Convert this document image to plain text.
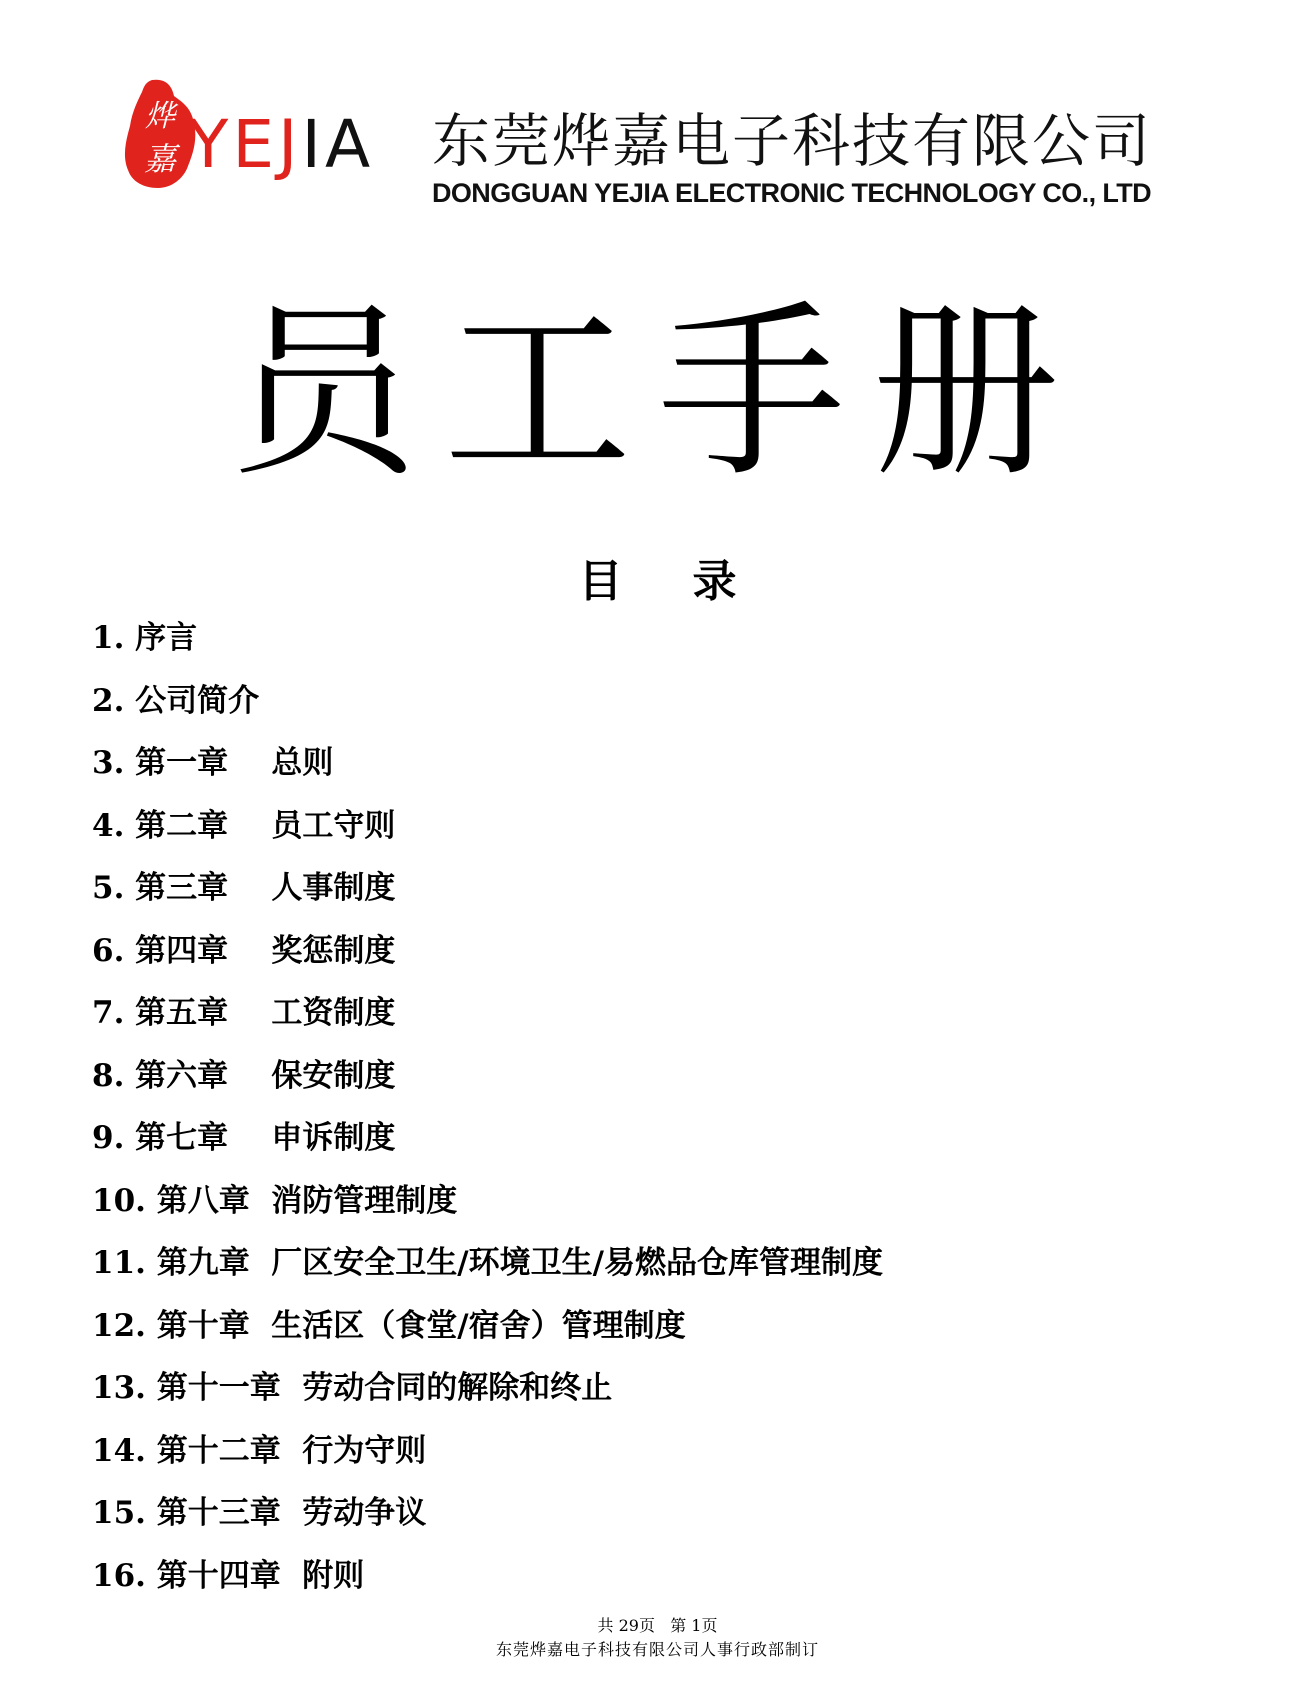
烨
嘉 YEJIA 东莞烨嘉电子科技有限公司
DONGGUAN YEJIA ELECTRONIC TECHNOLOGY CO., LTD
员工手册
目录
1. 序言
2. 公司简介
3. 第一章    总则
4. 第二章    员工守则
5. 第三章    人事制度
6. 第四章    奖惩制度
7. 第五章    工资制度
8. 第六章    保安制度
9. 第七章    申诉制度
10. 第八章  消防管理制度
11. 第九章  厂区安全卫生/环境卫生/易燃品仓库管理制度
12. 第十章  生活区（食堂/宿舍）管理制度
13. 第十一章  劳动合同的解除和终止
14. 第十二章  行为守则
15. 第十三章  劳动争议
16. 第十四章  附则
共 29页   第 1页
东莞烨嘉电子科技有限公司人事行政部制订
